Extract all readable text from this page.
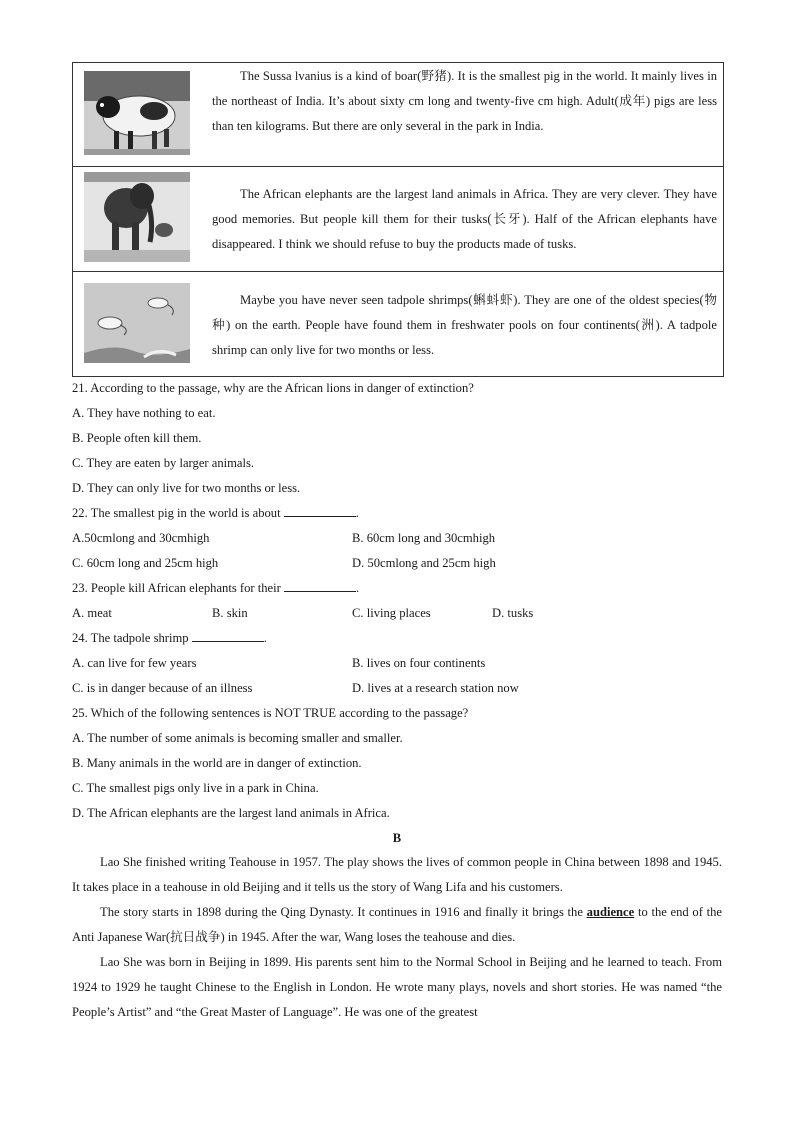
The Sussa lvanius is a kind of boar(野猪). It is the smallest pig in the world. It mainly lives in the northeast of India. It’s about sixty cm long and twenty-five cm high. Adult(成年) pigs are less than ten kilograms. But there are only several in the park in India.
The African elephants are the largest land animals in Africa. They are very clever. They have good memories. But people kill them for their tusks(长牙). Half of the African elephants have disappeared. I think we should refuse to buy the products made of tusks.
Maybe you have never seen tadpole shrimps(蝌蚪虾). They are one of the oldest species(物种) on the earth. People have found them in freshwater pools on four continents(洲). A tadpole shrimp can only live for two months or less.
21. According to the passage, why are the African lions in danger of extinction?
A. They have nothing to eat.
B. People often kill them.
C. They are eaten by larger animals.
D. They can only live for two months or less.
22. The smallest pig in the world is about	.
A.50cmlong and 30cmhigh	B. 60cm long and 30cmhigh
C. 60cm long and 25cm high	D. 50cmlong and 25cm high
23. People kill African elephants for their	.
A. meat	B. skin	C. living places	D. tusks
24. The tadpole shrimp	.
A. can live for few years	B. lives on four continents
C. is in danger because of an illness	D. lives at a research station now
25. Which of the following sentences is NOT TRUE according to the passage?
A. The number of some animals is becoming smaller and smaller.
B. Many animals in the world are in danger of extinction.
C. The smallest pigs only live in a park in China.
D. The African elephants are the largest land animals in Africa.
B
Lao She finished writing Teahouse in 1957. The play shows the lives of common people in China between 1898 and 1945. It takes place in a teahouse in old Beijing and it tells us the story of Wang Lifa and his customers.
The story starts in 1898 during the Qing Dynasty. It continues in 1916 and finally it brings the audience to the end of the Anti Japanese War(抗日战争) in 1945. After the war, Wang loses the teahouse and dies.
Lao She was born in Beijing in 1899. His parents sent him to the Normal School in Beijing and he learned to teach. From 1924 to 1929 he taught Chinese to the English in London. He wrote many plays, novels and short stories. He was named “the People’s Artist” and “the Great Master of Language”. He was one of the greatest
